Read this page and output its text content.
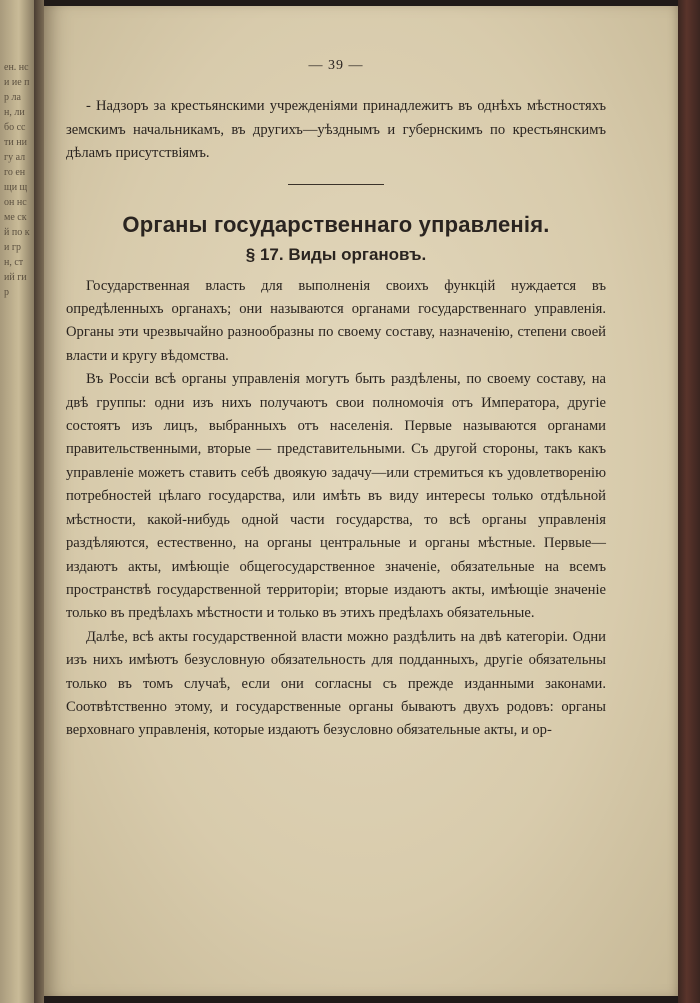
ен. нс и ие пр ла н, ли бо сс ти ни гу ал го ен щи щ он нс ме ск й по ки гр н, ст ий ги р
— 39 —

- Надзоръ за крестьянскими учрежденіями принадлежитъ въ однѣхъ мѣстностяхъ земскимъ начальникамъ, въ другихъ—уѣзднымъ и губернскимъ по крестьянскимъ дѣламъ присутствіямъ.

Органы государственнаго управленія.
§ 17. Виды органовъ.

Государственная власть для выполненія своихъ функцій нуждается въ опредѣленныхъ органахъ; они называются органами государственнаго управленія. Органы эти чрезвычайно разнообразны по своему составу, назначенію, степени своей власти и кругу вѣдомства.

Въ Россіи всѣ органы управленія могутъ быть раздѣлены, по своему составу, на двѣ группы: одни изъ нихъ получаютъ свои полномочія отъ Императора, другіе состоятъ изъ лицъ, выбранныхъ отъ населенія. Первые называются органами правительственными, вторые — представительными. Съ другой стороны, такъ какъ управленіе можетъ ставить себѣ двоякую задачу—или стремиться къ удовлетворенію потребностей цѣлаго государства, или имѣть въ виду интересы только отдѣльной мѣстности, какой-нибудь одной части государства, то всѣ органы управленія раздѣляются, естественно, на органы центральные и органы мѣстные. Первые—издаютъ акты, имѣющіе общегосударственное значеніе, обязательные на всемъ пространствѣ государственной территоріи; вторые издаютъ акты, имѣющіе значеніе только въ предѣлахъ мѣстности и только въ этихъ предѣлахъ обязательные.

Далѣе, всѣ акты государственной власти можно раздѣлить на двѣ категоріи. Одни изъ нихъ имѣютъ безусловную обязательность для подданныхъ, другіе обязательны только въ томъ случаѣ, если они согласны съ прежде изданными законами. Соотвѣтственно этому, и государственные органы бываютъ двухъ родовъ: органы верховнаго управленія, которые издаютъ безусловно обязательные акты, и ор-
